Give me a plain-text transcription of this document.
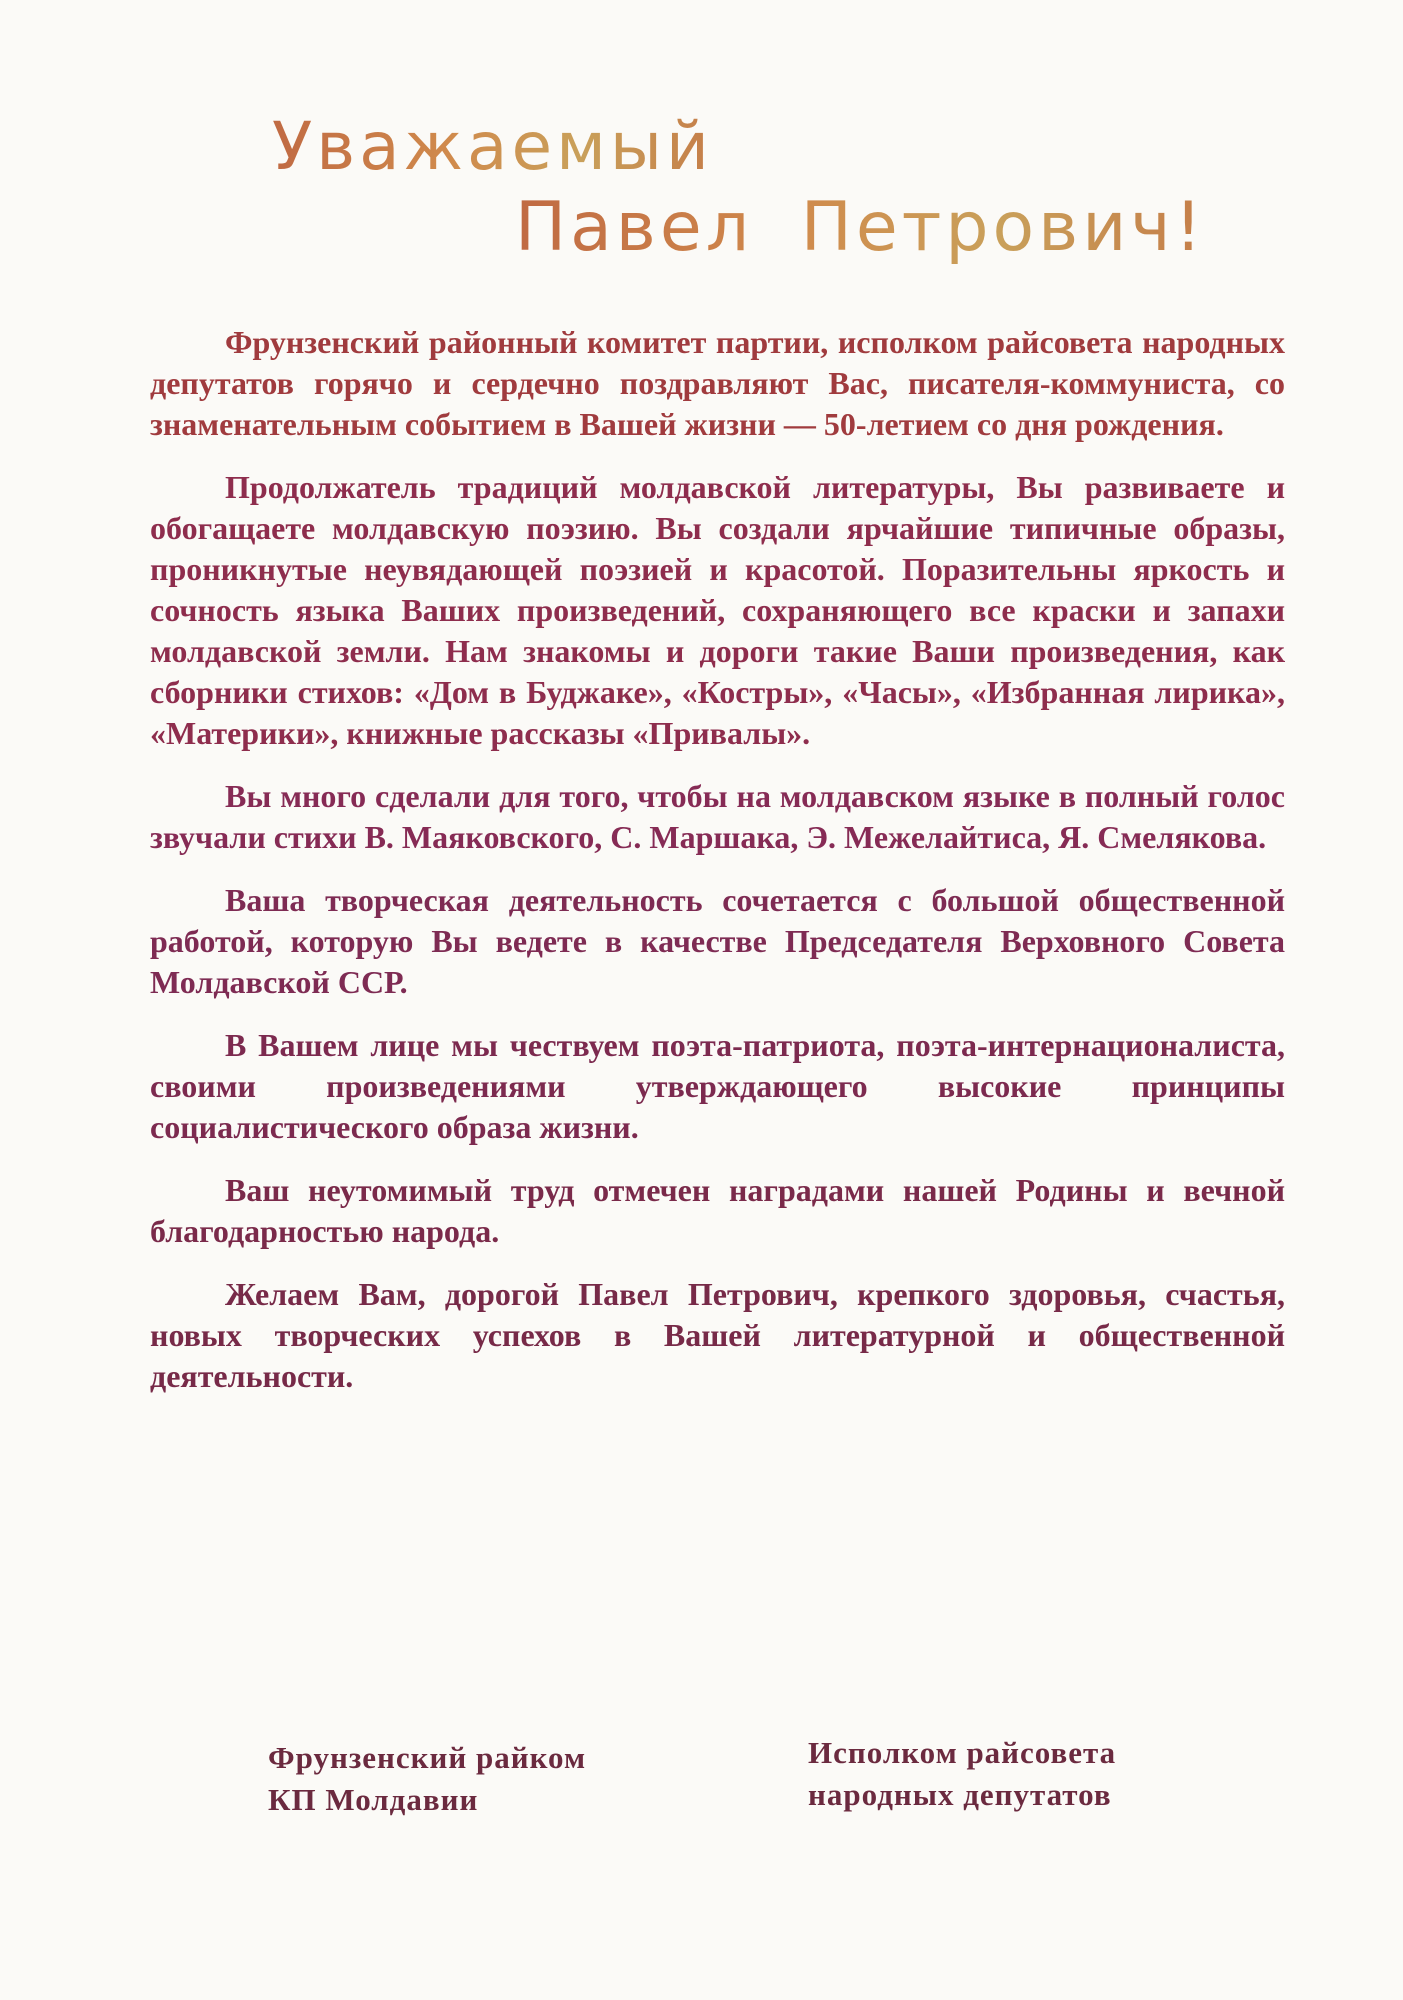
Уважаемый
Павел Петрович!

Фрунзенский районный комитет партии, исполком райсовета народных депутатов горячо и сердечно поздравляют Вас, писателя-коммуниста, со знаменательным событием в Вашей жизни — 50-летием со дня рождения.

Продолжатель традиций молдавской литературы, Вы развиваете и обогащаете молдавскую поэзию. Вы создали ярчайшие типичные образы, проникнутые неувядающей поэзией и красотой. Поразительны яркость и сочность языка Ваших произведений, сохраняющего все краски и запахи молдавской земли. Нам знакомы и дороги такие Ваши произведения, как сборники стихов: «Дом в Буджаке», «Костры», «Часы», «Избранная лирика», «Материки», книжные рассказы «Привалы».

Вы много сделали для того, чтобы на молдавском языке в полный голос звучали стихи В. Маяковского, С. Маршака, Э. Межелайтиса, Я. Смелякова.

Ваша творческая деятельность сочетается с большой общественной работой, которую Вы ведете в качестве Председателя Верховного Совета Молдавской ССР.

В Вашем лице мы чествуем поэта-патриота, поэта-интернационалиста, своими произведениями утверждающего высокие принципы социалистического образа жизни.

Ваш неутомимый труд отмечен наградами нашей Родины и вечной благодарностью народа.

Желаем Вам, дорогой Павел Петрович, крепкого здоровья, счастья, новых творческих успехов в Вашей литературной и общественной деятельности.

Фрунзенский райком
КП Молдавии
Исполком райсовета
народных депутатов
